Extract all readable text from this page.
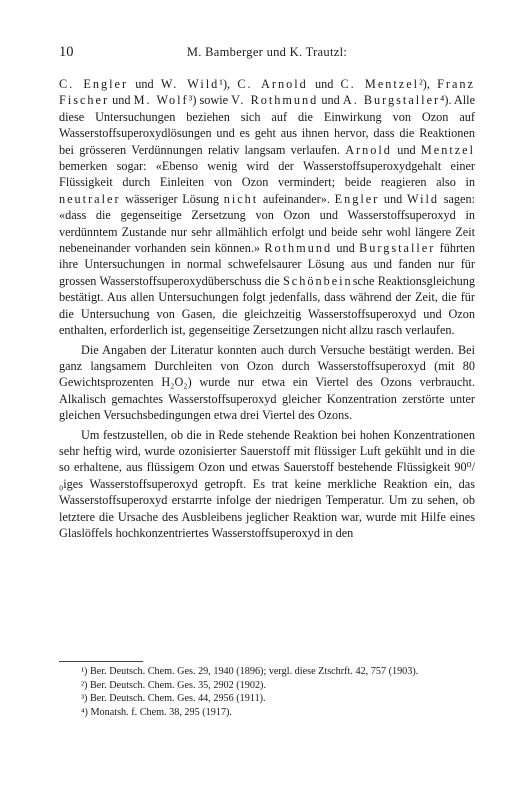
10	M. Bamberger und K. Trautzl:

C. Engler und W. Wild¹), C. Arnold und C. Mentzel²), Franz Fischer und M. Wolf³) sowie V. Rothmund und A. Burgstaller⁴). Alle diese Untersuchungen beziehen sich auf die Einwirkung von Ozon auf Wasserstoffsuperoxydlösungen und es geht aus ihnen hervor, dass die Reaktionen bei grösseren Verdünnungen relativ langsam verlaufen. Arnold und Mentzel bemerken sogar: «Ebenso wenig wird der Wasserstoffsuperoxydgehalt einer Flüssigkeit durch Einleiten von Ozon vermindert; beide reagieren also in neutraler wässeriger Lösung nicht aufeinander». Engler und Wild sagen: «dass die gegenseitige Zersetzung von Ozon und Wasserstoffsuperoxyd in verdünntem Zustande nur sehr allmählich erfolgt und beide sehr wohl längere Zeit nebeneinander vorhanden sein können.» Rothmund und Burgstaller führten ihre Untersuchungen in normal schwefelsaurer Lösung aus und fanden nur für grossen Wasserstoffsuperoxydüberschuss die Schönbeinsche Reaktionsgleichung bestätigt. Aus allen Untersuchungen folgt jedenfalls, dass während der Zeit, die für die Untersuchung von Gasen, die gleichzeitig Wasserstoffsuperoxyd und Ozon enthalten, erforderlich ist, gegenseitige Zersetzungen nicht allzu rasch verlaufen.

Die Angaben der Literatur konnten auch durch Versuche bestätigt werden. Bei ganz langsamem Durchleiten von Ozon durch Wasserstoffsuperoxyd (mit 80 Gewichtsprozenten H₂O₂) wurde nur etwa ein Viertel des Ozons verbraucht. Alkalisch gemachtes Wasserstoffsuperoxyd gleicher Konzentration zerstörte unter gleichen Versuchsbedingungen etwa drei Viertel des Ozons.

Um festzustellen, ob die in Rede stehende Reaktion bei hohen Konzentrationen sehr heftig wird, wurde ozonisierter Sauerstoff mit flüssiger Luft gekühlt und in die so erhaltene, aus flüssigem Ozon und etwas Sauerstoff bestehende Flüssigkeit 90⁰/₀iges Wasserstoffsuperoxyd getropft. Es trat keine merkliche Reaktion ein, das Wasserstoffsuperoxyd erstarrte infolge der niedrigen Temperatur. Um zu sehen, ob letztere die Ursache des Ausbleibens jeglicher Reaktion war, wurde mit Hilfe eines Glaslöffels hochkonzentriertes Wasserstoffsuperoxyd in den

¹) Ber. Deutsch. Chem. Ges. 29, 1940 (1896); vergl. diese Ztschrft. 42, 757 (1903).
²) Ber. Deutsch. Chem. Ges. 35, 2902 (1902).
³) Ber. Deutsch. Chem. Ges. 44, 2956 (1911).
⁴) Monatsh. f. Chem. 38, 295 (1917).
